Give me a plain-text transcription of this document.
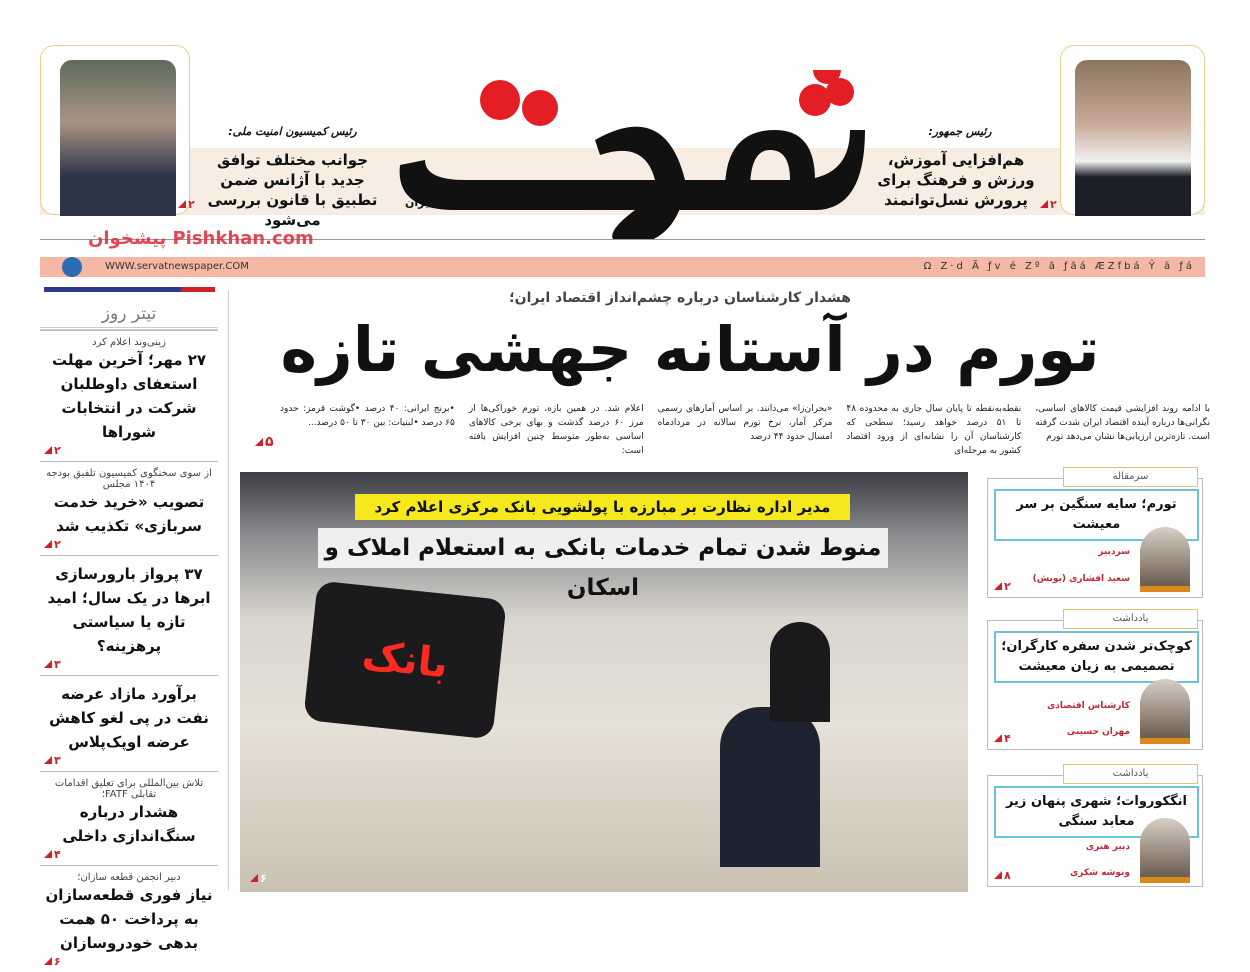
رئیس کمیسیون امنیت ملی:
جوانب مختلف توافق جدید با آژانس ضمن تطبیق با قانون بررسی می‌شود
۲	روزنامه اقتصادی، اجتماعی صبح ایران
رئیس جمهور:
هم‌افزایی آموزش، ورزش و فرهنگ برای پرورش نسل‌توانمند	۲
WWW.servatnewspaper.COM	Ω Z·d Ã ƒv é Zº ã ƒãá ÆZfbá Ŷ ä ƒá
پیشخوان Pishkhan.com
تیتر روز
زینی‌وند اعلام کرد
۲۷ مهر؛ آخرین مهلت استعفای داوطلبان شرکت در انتخابات شوراها
۲
از سوی سخنگوی کمیسیون تلفیق بودجه ۱۴۰۴ مجلس
تصویب «خرید خدمت سربازی» تکذیب شد
۲
۳۷ پرواز بارورسازی ابرها در یک سال؛ امید تازه یا سیاستی پرهزینه؟
۳
برآورد مازاد عرضه نفت در پی لغو کاهش عرضه اوپک‌پلاس
۳
تلاش بین‌المللی برای تعلیق اقدامات تقابلی FATF؛
هشدار درباره سنگ‌اندازی داخلی
۴
دبیر انجمن قطعه سازان؛
نیاز فوری قطعه‌سازان به پرداخت ۵۰ همت بدهی خودروسازان
۶
هشدار کارشناسان درباره چشم‌انداز اقتصاد ایران؛
تورم در آستانه جهشی تازه
با ادامه روند افزایشی قیمت کالاهای اساسی، نگرانی‌ها درباره آینده اقتصاد ایران شدت گرفته است. تازه‌ترین ارزیابی‌ها نشان می‌دهد تورم
نقطه‌به‌نقطه تا پایان سال جاری به محدوده ۴۸ تا ۵۱ درصد خواهد رسید؛ سطحی که کارشناسان آن را نشانه‌ای از ورود اقتصاد کشور به مرحله‌ای
«بحران‌زا» می‌دانند. بر اساس آمارهای رسمی مرکز آمار، نرخ تورم سالانه در مردادماه امسال حدود ۴۴ درصد
اعلام شد. در همین بازه، تورم خوراکی‌ها از مرز ۶۰ درصد گذشت و بهای برخی کالاهای اساسی به‌طور متوسط چنین افزایش یافته است:
•برنج ایرانی: ۴۰ درصد •گوشت قرمز: حدود ۶۵ درصد •لبنیات: بین ۳۰ تا ۵۰ درصد...
۵
بانک
مدیر اداره نظارت بر مبارزه با پولشویی بانک مرکزی اعلام کرد
منوط شدن تمام خدمات بانکی به استعلام املاک و اسکان
۶
سرمقاله
تورم؛ سایه سنگین بر سر معیشت
سردبیر
سعید افشاری (یوبش)
۲
یادداشت
کوچک‌تر شدن سفره کارگران؛ تصمیمی به زیان معیشت
کارشناس اقتصادی
مهران حسینی
۴
یادداشت
انگکوروات؛ شهری پنهان زیر معابد سنگی
دبیر هنری
ونوشه شکری
۸
